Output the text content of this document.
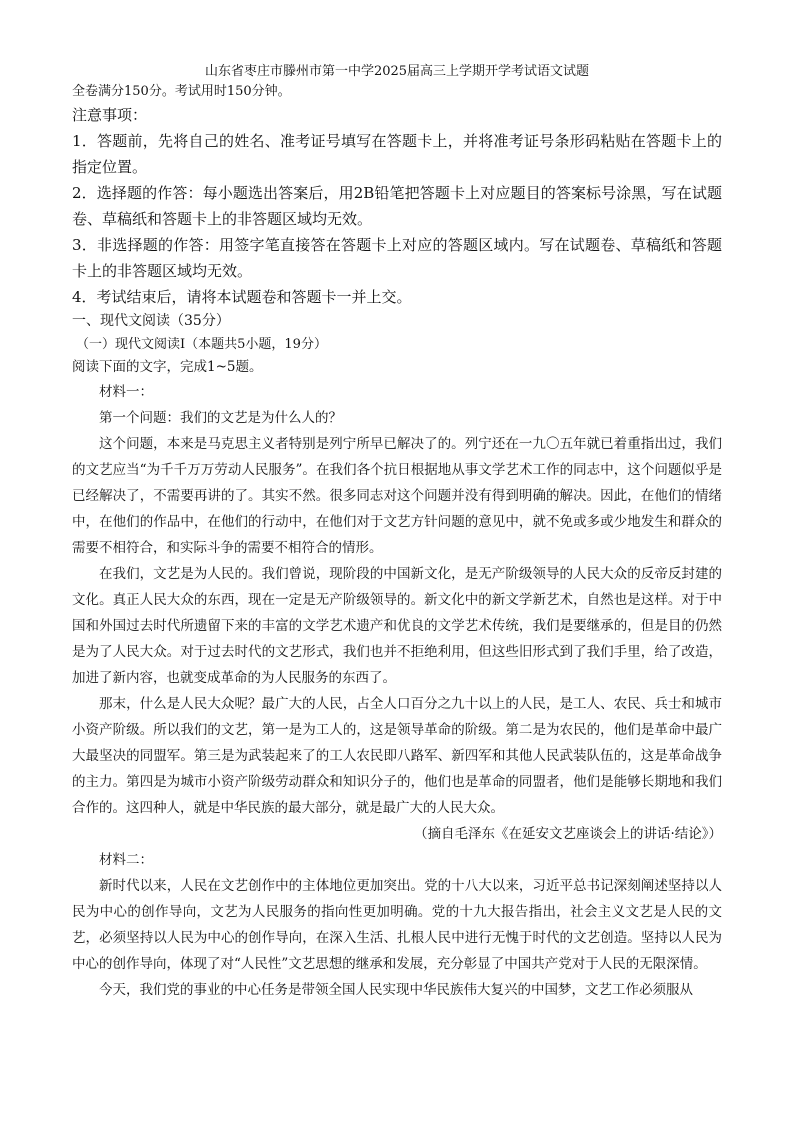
山东省枣庄市滕州市第一中学2025届高三上学期开学考试语文试题
全卷满分150分。考试用时150分钟。
注意事项：
1．答题前，先将自己的姓名、准考证号填写在答题卡上，并将准考证号条形码粘贴在答题卡上的指定位置。
2．选择题的作答：每小题选出答案后，用2B铅笔把答题卡上对应题目的答案标号涂黑，写在试题卷、草稿纸和答题卡上的非答题区域均无效。
3．非选择题的作答：用签字笔直接答在答题卡上对应的答题区域内。写在试题卷、草稿纸和答题卡上的非答题区域均无效。
4．考试结束后，请将本试题卷和答题卡一并上交。
一、现代文阅读（35分）
（一）现代文阅读Ⅰ（本题共5小题，19分）
阅读下面的文字，完成1~5题。
材料一：

第一个问题：我们的文艺是为什么人的？

这个问题，本来是马克思主义者特别是列宁所早已解决了的。列宁还在一九〇五年就已着重指出过，我们的文艺应当“为千千万万劳动人民服务”。在我们各个抗日根据地从事文学艺术工作的同志中，这个问题似乎是已经解决了，不需要再讲的了。其实不然。很多同志对这个问题并没有得到明确的解决。因此，在他们的情绪中，在他们的作品中，在他们的行动中，在他们对于文艺方针问题的意见中，就不免或多或少地发生和群众的需要不相符合，和实际斗争的需要不相符合的情形。

在我们，文艺是为人民的。我们曾说，现阶段的中国新文化，是无产阶级领导的人民大众的反帝反封建的文化。真正人民大众的东西，现在一定是无产阶级领导的。新文化中的新文学新艺术，自然也是这样。对于中国和外国过去时代所遗留下来的丰富的文学艺术遗产和优良的文学艺术传统，我们是要继承的，但是目的仍然是为了人民大众。对于过去时代的文艺形式，我们也并不拒绝利用，但这些旧形式到了我们手里，给了改造，加进了新内容，也就变成革命的为人民服务的东西了。

那末，什么是人民大众呢？最广大的人民，占全人口百分之九十以上的人民，是工人、农民、兵士和城市小资产阶级。所以我们的文艺，第一是为工人的，这是领导革命的阶级。第二是为农民的，他们是革命中最广大最坚决的同盟军。第三是为武装起来了的工人农民即八路军、新四军和其他人民武装队伍的，这是革命战争的主力。第四是为城市小资产阶级劳动群众和知识分子的，他们也是革命的同盟者，他们是能够长期地和我们合作的。这四种人，就是中华民族的最大部分，就是最广大的人民大众。

（摘自毛泽东《在延安文艺座谈会上的讲话·结论》）
材料二：

新时代以来，人民在文艺创作中的主体地位更加突出。党的十八大以来，习近平总书记深刻阐述坚持以人民为中心的创作导向，文艺为人民服务的指向性更加明确。党的十九大报告指出，社会主义文艺是人民的文艺，必须坚持以人民为中心的创作导向，在深入生活、扎根人民中进行无愧于时代的文艺创造。坚持以人民为中心的创作导向，体现了对“人民性”文艺思想的继承和发展，充分彰显了中国共产党对于人民的无限深情。

今天，我们党的事业的中心任务是带领全国人民实现中华民族伟大复兴的中国梦，文艺工作必须服从
